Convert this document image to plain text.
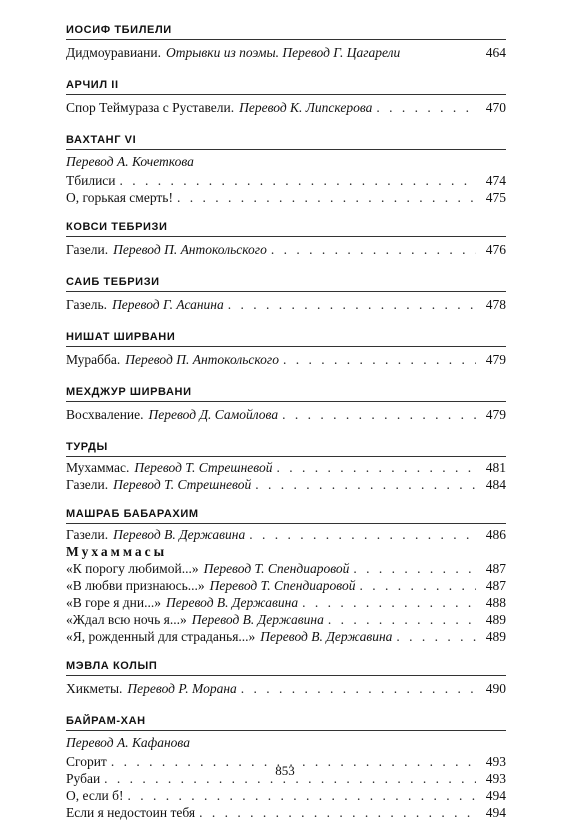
ИОСИФ ТБИЛЕЛИ
Дидмоуравиани. Отрывки из поэмы. Перевод Г. Цагарели	464
АРЧИЛ II
Спор Теймураза с Руставели. Перевод К. Липскерова . . .	470
ВАХТАНГ VI
Перевод А. Кочеткова
Тбилиси . . .	474
О, горькая смерть! . . .	475
КОВСИ ТЕБРИЗИ
Газели. Перевод П. Антокольского . . .	476
САИБ ТЕБРИЗИ
Газель. Перевод Г. Асанина . . .	478
НИШАТ ШИРВАНИ
Мурабба. Перевод П. Антокольского . . .	479
МЕХДЖУР ШИРВАНИ
Восхваление. Перевод Д. Самойлова . . .	479
ТУРДЫ
Мухаммас. Перевод Т. Стрешневой . . .	481
Газели. Перевод Т. Стрешневой . . .	484
МАШРАБ БАБАРАХИМ
Газели. Перевод В. Державина . . .	486
Мухаммасы
«К порогу любимой...» Перевод Т. Спендиаровой . . .	487
«В любви признаюсь...» Перевод Т. Спендиаровой . . .	487
«В горе я дни...» Перевод В. Державина . . .	488
«Ждал всю ночь я...» Перевод В. Державина . . .	489
«Я, рожденный для страданья...» Перевод В. Державина . . .	489
МЭВЛА КОЛЫП
Хикметы. Перевод Р. Морана . . .	490
БАЙРАМ-ХАН
Перевод А. Кафанова
Сгорит . . .	493
Рубаи . . .	493
О, если б! . . .	494
Если я недостоин тебя . . .	494
853
